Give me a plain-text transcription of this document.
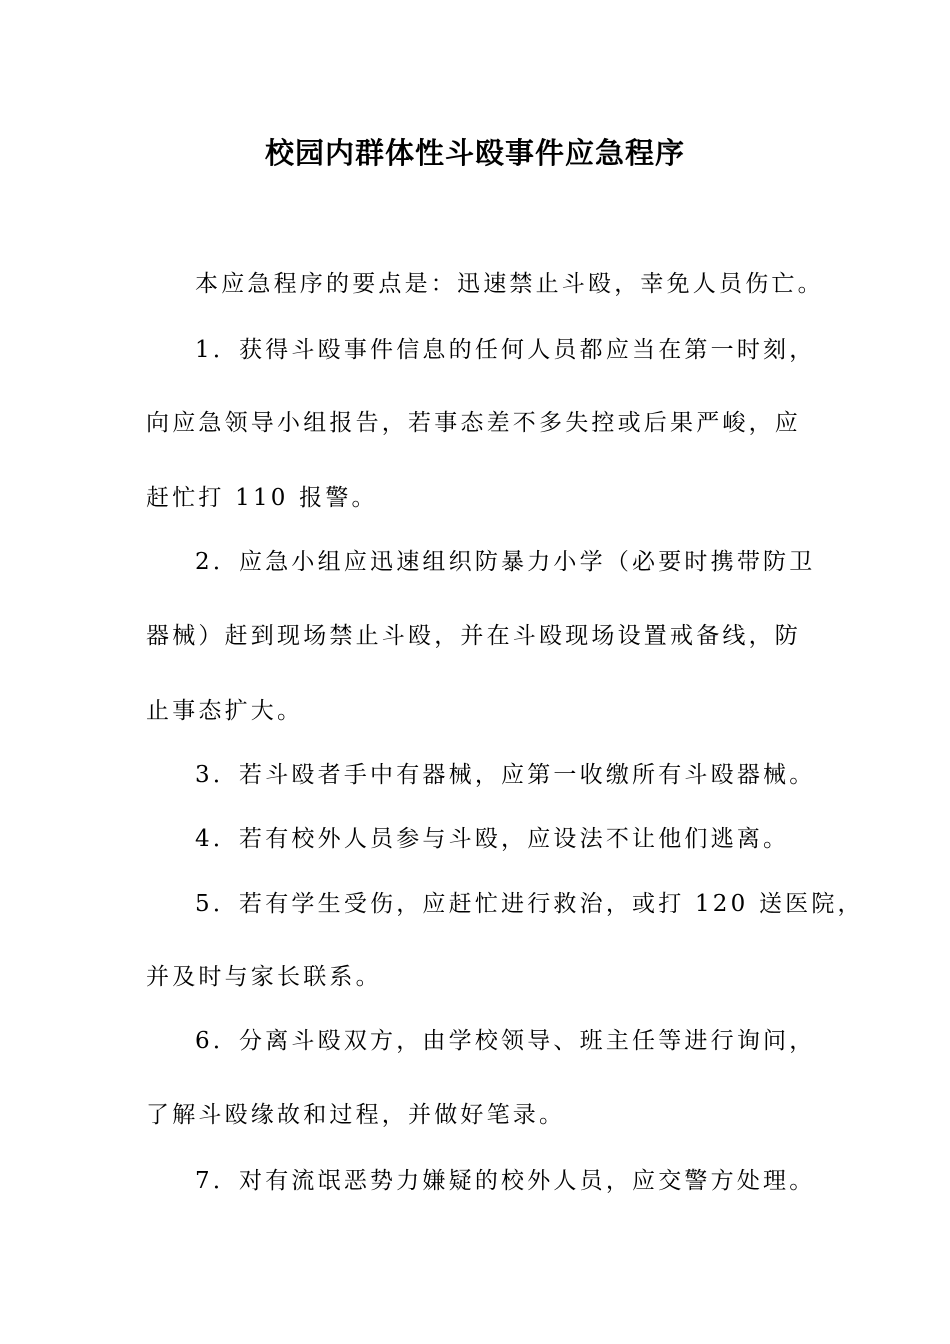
校园内群体性斗殴事件应急程序
本应急程序的要点是：迅速禁止斗殴，幸免人员伤亡。
1．获得斗殴事件信息的任何人员都应当在第一时刻，
向应急领导小组报告，若事态差不多失控或后果严峻，应
赶忙打 110 报警。
2．应急小组应迅速组织防暴力小学（必要时携带防卫
器械）赶到现场禁止斗殴，并在斗殴现场设置戒备线，防
止事态扩大。
3．若斗殴者手中有器械，应第一收缴所有斗殴器械。
4．若有校外人员参与斗殴，应设法不让他们逃离。
5．若有学生受伤，应赶忙进行救治，或打 120 送医院，
并及时与家长联系。
6．分离斗殴双方，由学校领导、班主任等进行询问，
了解斗殴缘故和过程，并做好笔录。
7．对有流氓恶势力嫌疑的校外人员，应交警方处理。
